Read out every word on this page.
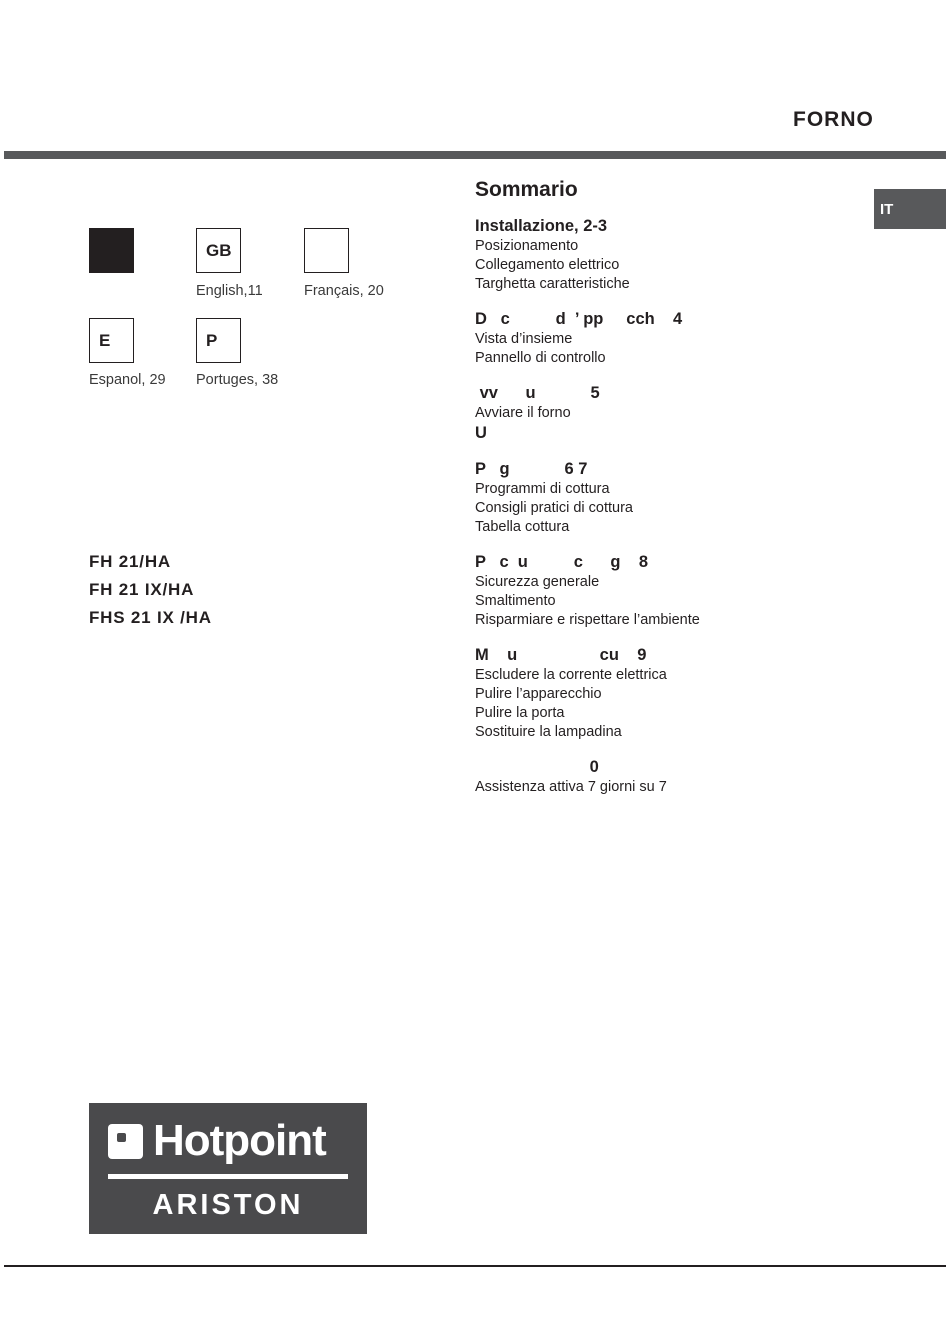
FORNO
IT
GB
English,11	Français, 20
E
Espanol, 29
P
Portuges, 38
FH 21/HA
FH 21 IX/HA
FHS 21 IX /HA
Sommario
Installazione, 2-3
Posizionamento
Collegamento elettrico
Targhetta caratteristiche
D   c          d  ’ pp     cch    4
Vista d’insieme
Pannello di controllo
vv      u            5
Avviare il forno
U
P   g            6 7
Programmi di cottura
Consigli pratici di cottura
Tabella cottura
P   c  u          c      g    8
Sicurezza generale
Smaltimento
Risparmiare e rispettare l’ambiente
M    u                  cu    9
Escludere la corrente elettrica
Pulire l’apparecchio
Pulire la porta
Sostituire la lampadina
0
Assistenza attiva 7 giorni su 7
Hotpoint
ARISTON
